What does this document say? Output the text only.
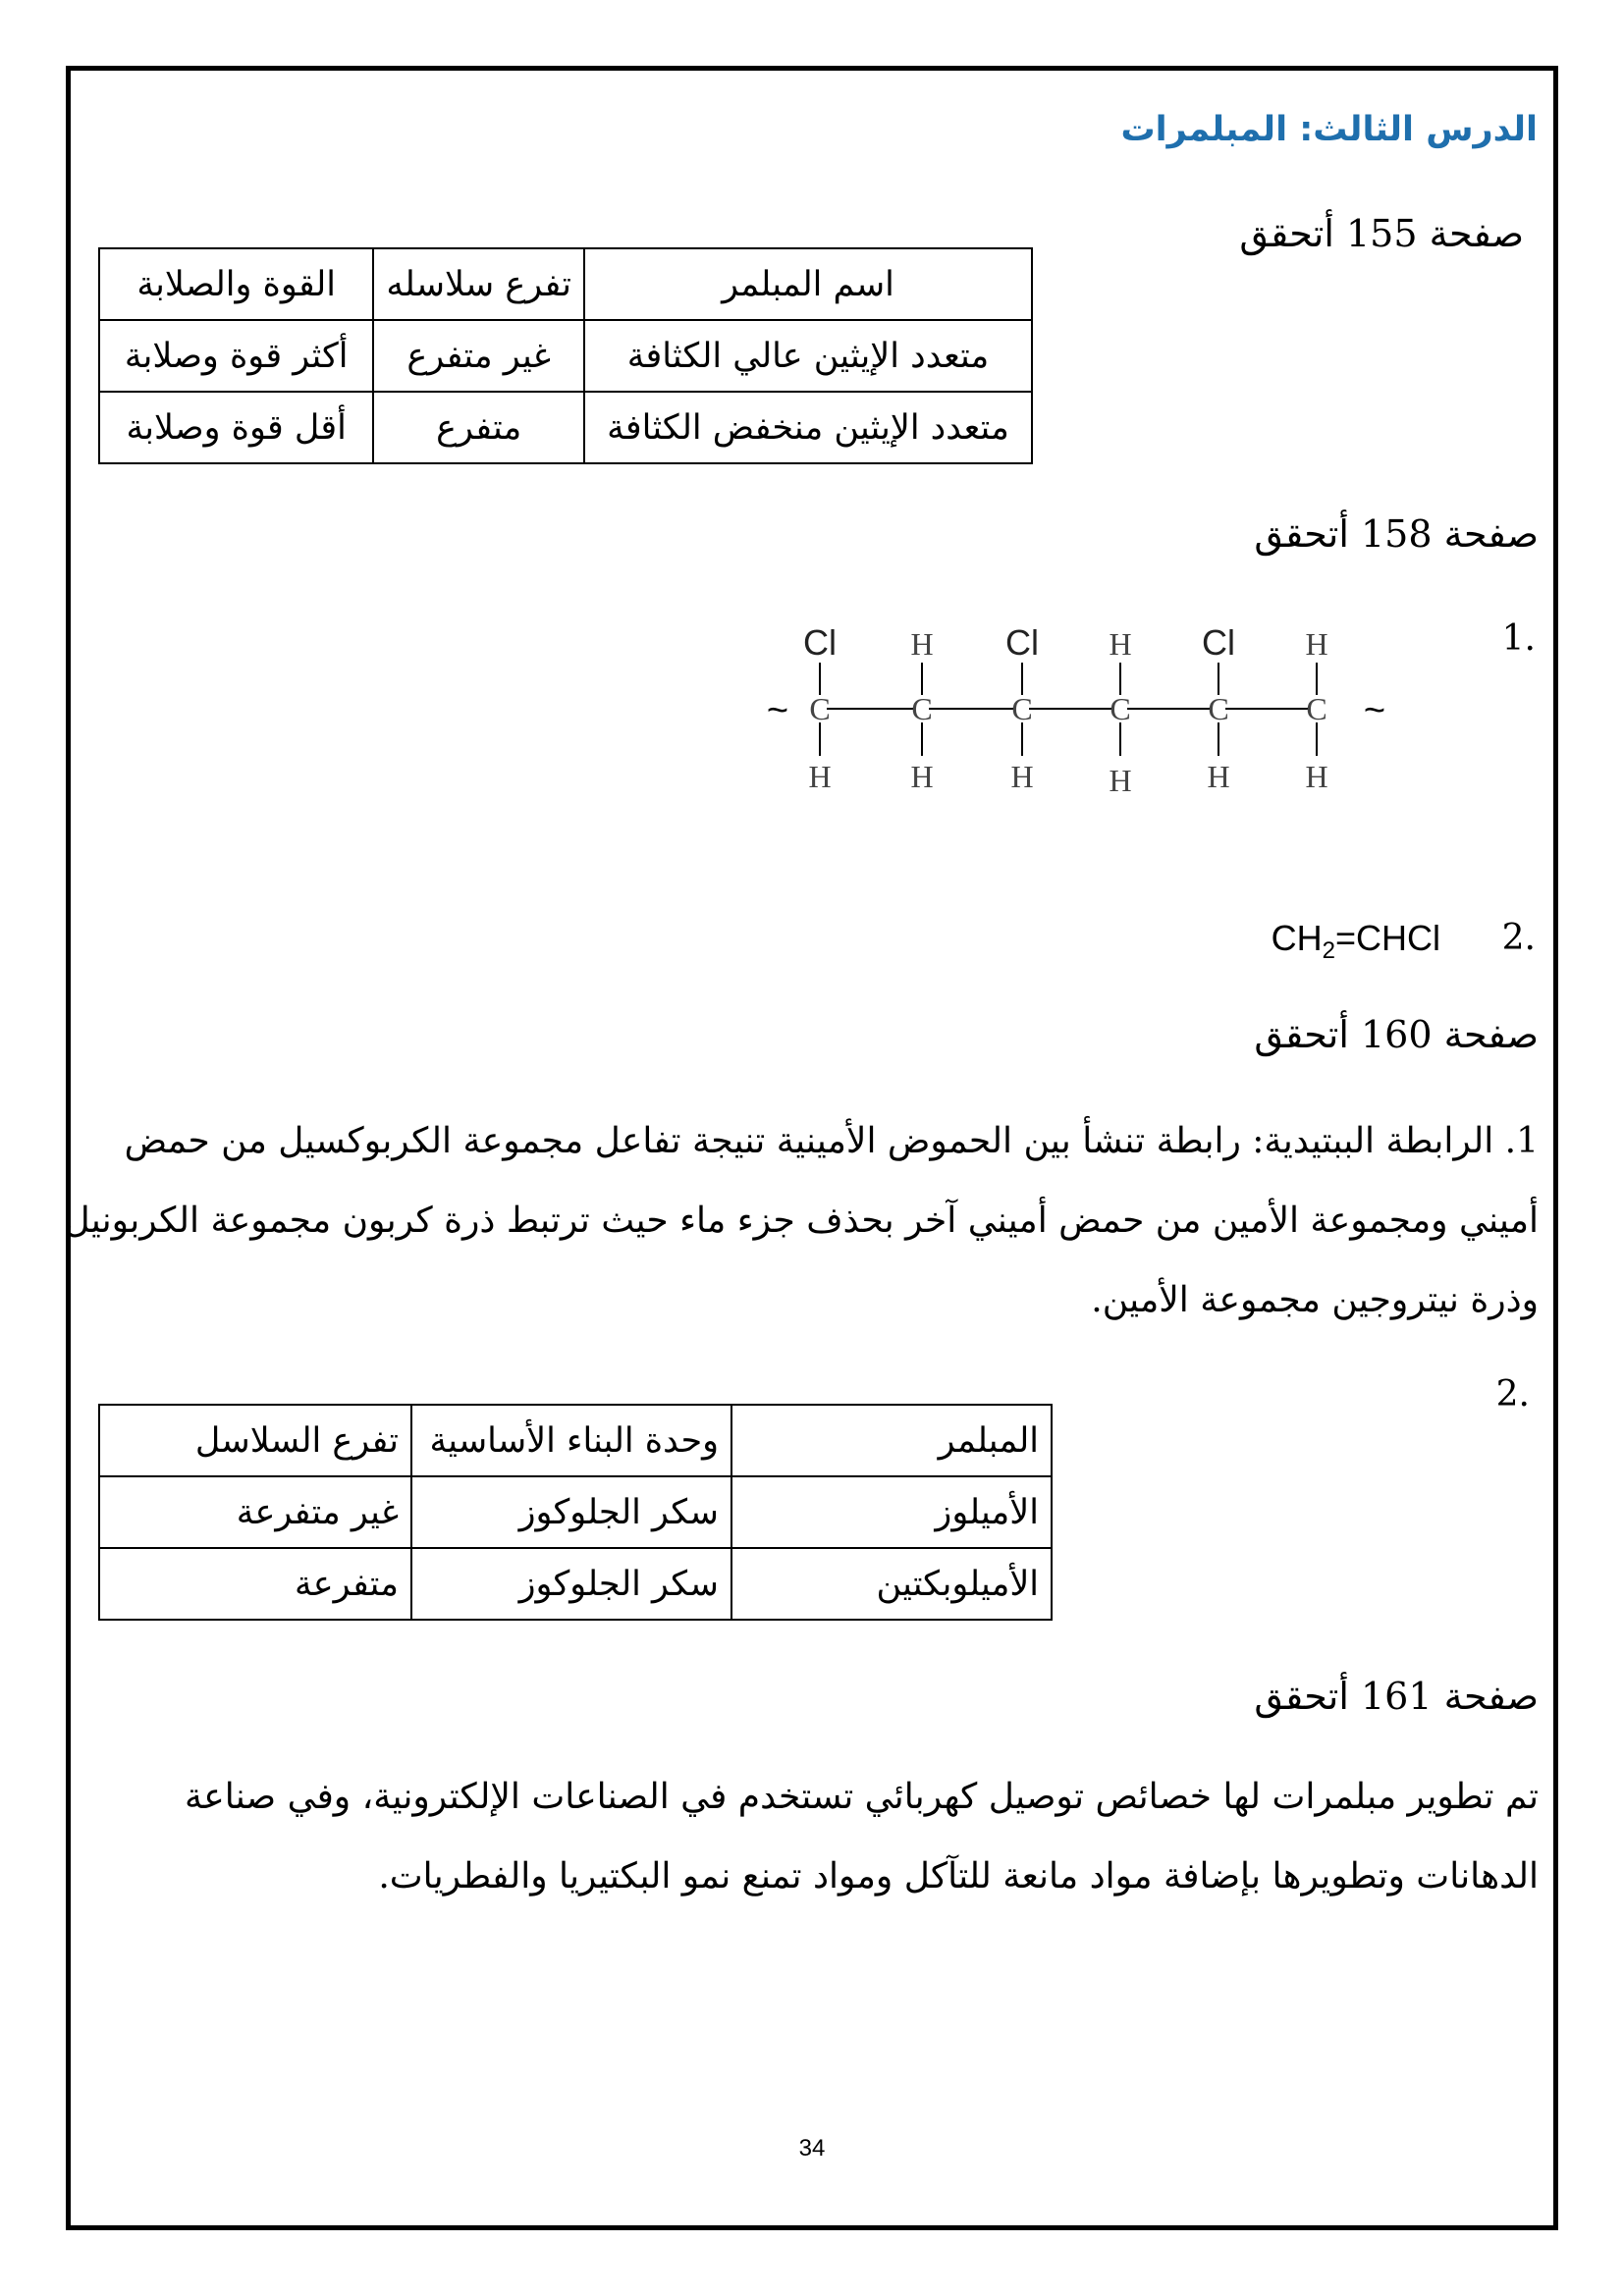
الدرس الثالث: المبلمرات
صفحة 155 أتحقق
اسم المبلمر	تفرع سلاسله	القوة والصلابة
متعدد الإيثين عالي الكثافة	غير متفرع	أكثر قوة وصلابة
متعدد الإيثين منخفض الكثافة	متفرع	أقل قوة وصلابة
صفحة 158 أتحقق
.1
~	~
Cl	Cl	Cl
H	H	H
C	C	C C C C
H	H H H H H
.2
$CH_2=CHCl$
صفحة 160 أتحقق
1. الرابطة الببتيدية: رابطة تنشأ بين الحموض الأمينية تنيجة تفاعل مجموعة الكربوكسيل من حمض
أميني ومجموعة الأمين من حمض أميني آخر بحذف جزء ماء حيث ترتبط ذرة كربون مجموعة الكربونيل
وذرة نيتروجين مجموعة الأمين.
.2
المبلمر	وحدة البناء الأساسية	تفرع السلاسل
الأميلوز	سكر الجلوكوز	غير متفرعة
الأميلوبكتين	سكر الجلوكوز	متفرعة
صفحة 161 أتحقق
تم تطوير مبلمرات لها خصائص توصيل كهربائي تستخدم في الصناعات الإلكترونية، وفي صناعة
الدهانات وتطويرها بإضافة مواد مانعة للتآكل ومواد تمنع نمو البكتيريا والفطريات.
34
